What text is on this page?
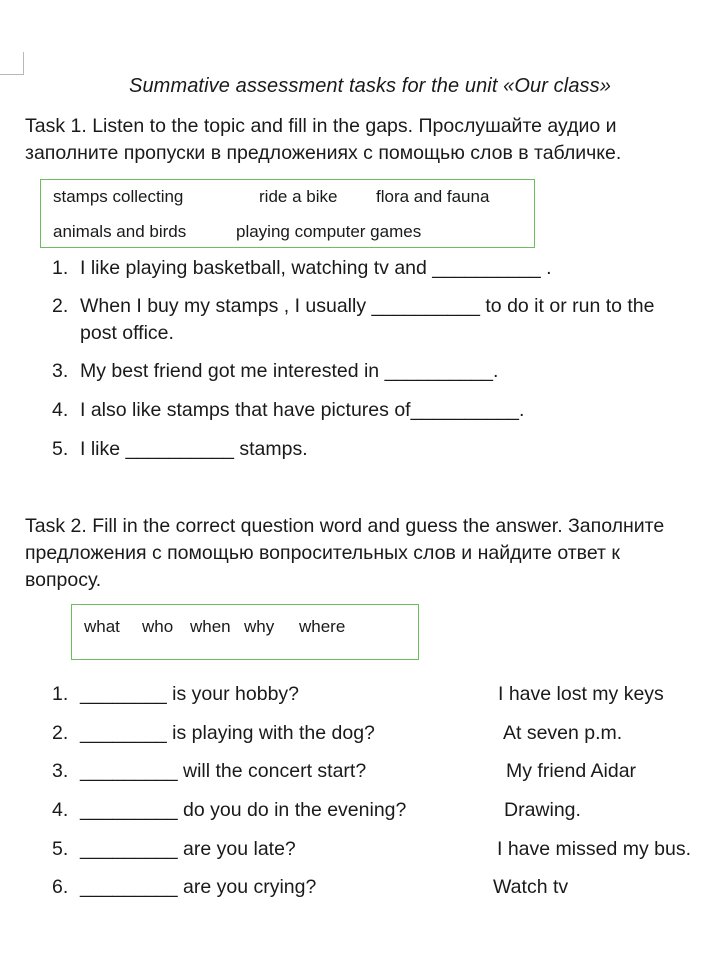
Summative assessment tasks for the unit «Our class»
Task 1. Listen to the topic and fill in the gaps. Прослушайте аудио и
заполните пропуски в предложениях с помощью слов в табличке.
stamps collecting	ride a bike flora and fauna
animals and birds	playing computer games
1. I like playing basketball, watching tv and __________ .
2. When I buy my stamps , I usually __________ to do it or run to the
post office.
3. My best friend got me interested in __________.
4. I also like stamps that have pictures of__________.
5. I like __________ stamps.
Task 2. Fill in the correct question word and guess the answer. Заполните
предложения с помощью вопросительных слов и найдите ответ к
вопросу.
what who when why where
1. ________ is your hobby?	I have lost my keys
2. ________ is playing with the dog?	At seven p.m.
3. _________ will the concert start?	My friend Aidar
4. _________ do you do in the evening?	Drawing.
5. _________ are you late?	I have missed my bus.
6. _________ are you crying?	Watch tv
